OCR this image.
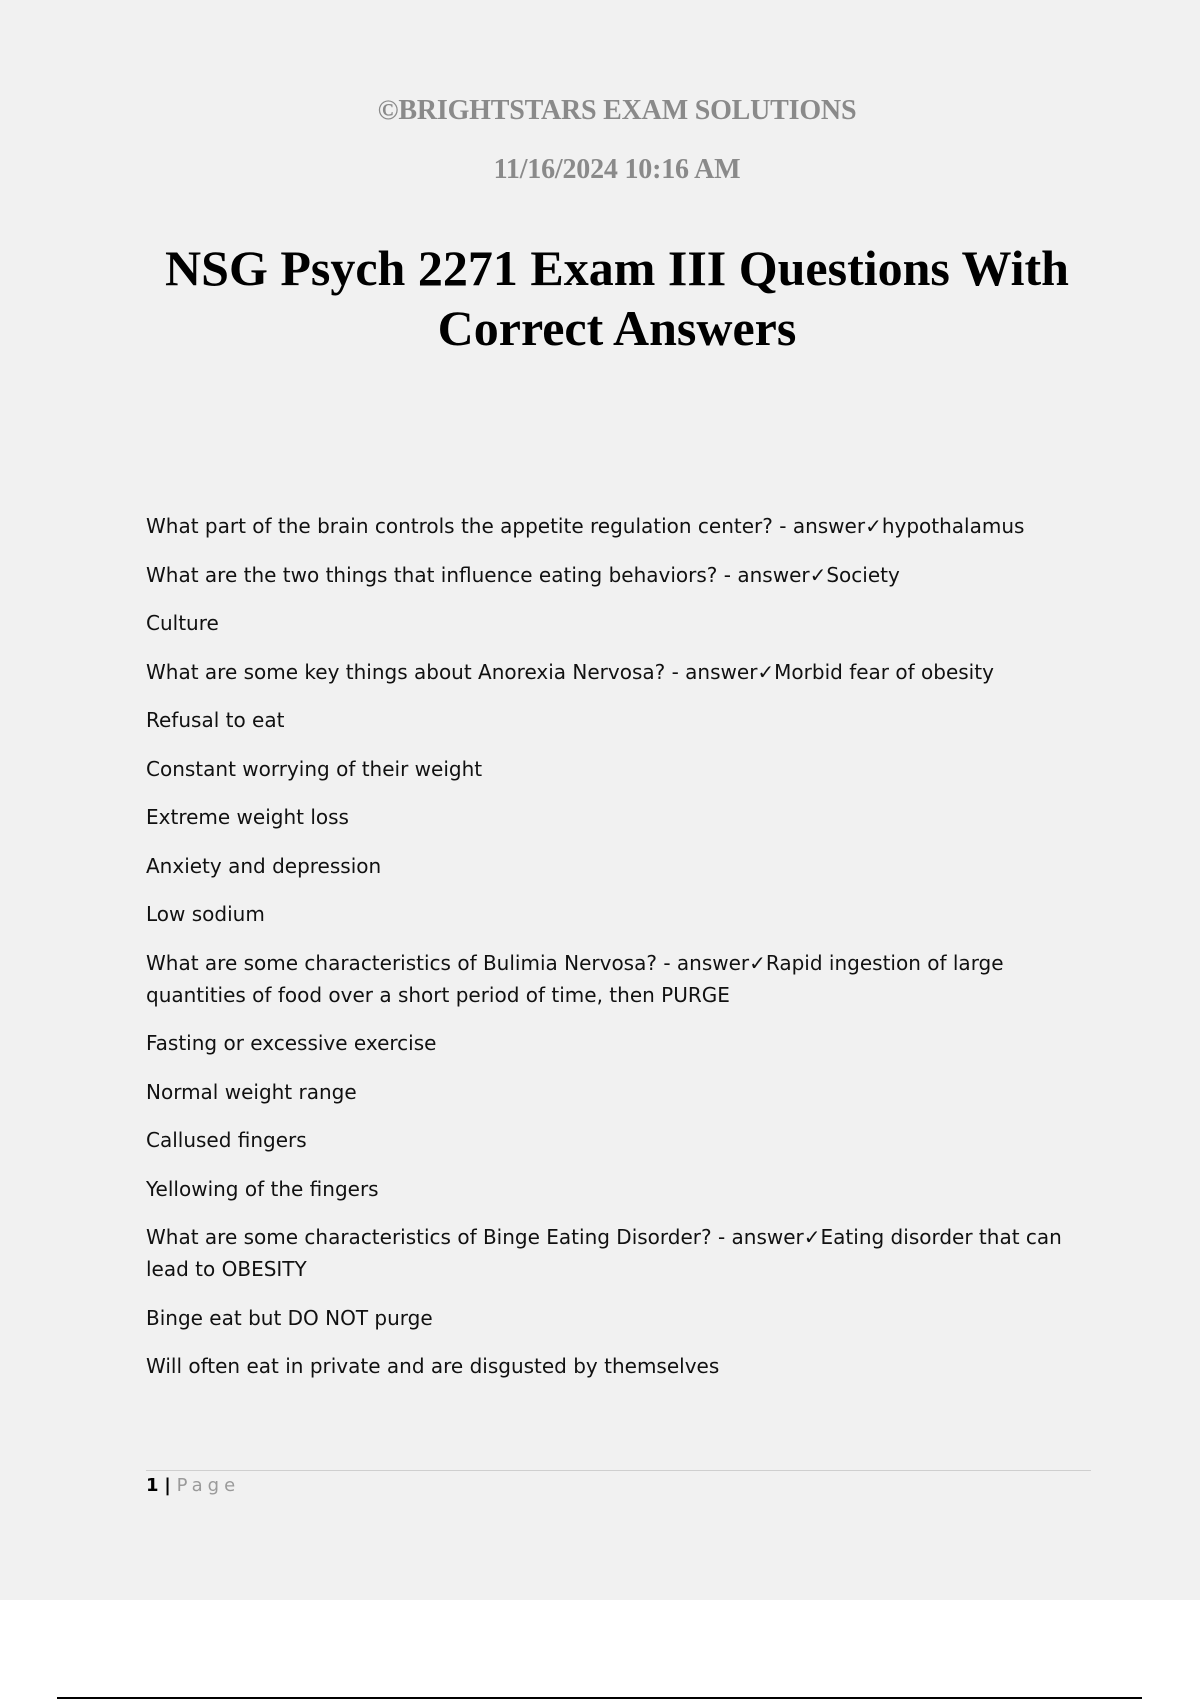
©BRIGHTSTARS EXAM SOLUTIONS
11/16/2024 10:16 AM
NSG Psych 2271 Exam III Questions With Correct Answers
What part of the brain controls the appetite regulation center? - answer✓hypothalamus
What are the two things that influence eating behaviors? - answer✓Society
Culture
What are some key things about Anorexia Nervosa? - answer✓Morbid fear of obesity
Refusal to eat
Constant worrying of their weight
Extreme weight loss
Anxiety and depression
Low sodium
What are some characteristics of Bulimia Nervosa? - answer✓Rapid ingestion of large quantities of food over a short period of time, then PURGE
Fasting or excessive exercise
Normal weight range
Callused fingers
Yellowing of the fingers
What are some characteristics of Binge Eating Disorder? - answer✓Eating disorder that can lead to OBESITY
Binge eat but DO NOT purge
Will often eat in private and are disgusted by themselves
1 | Page
